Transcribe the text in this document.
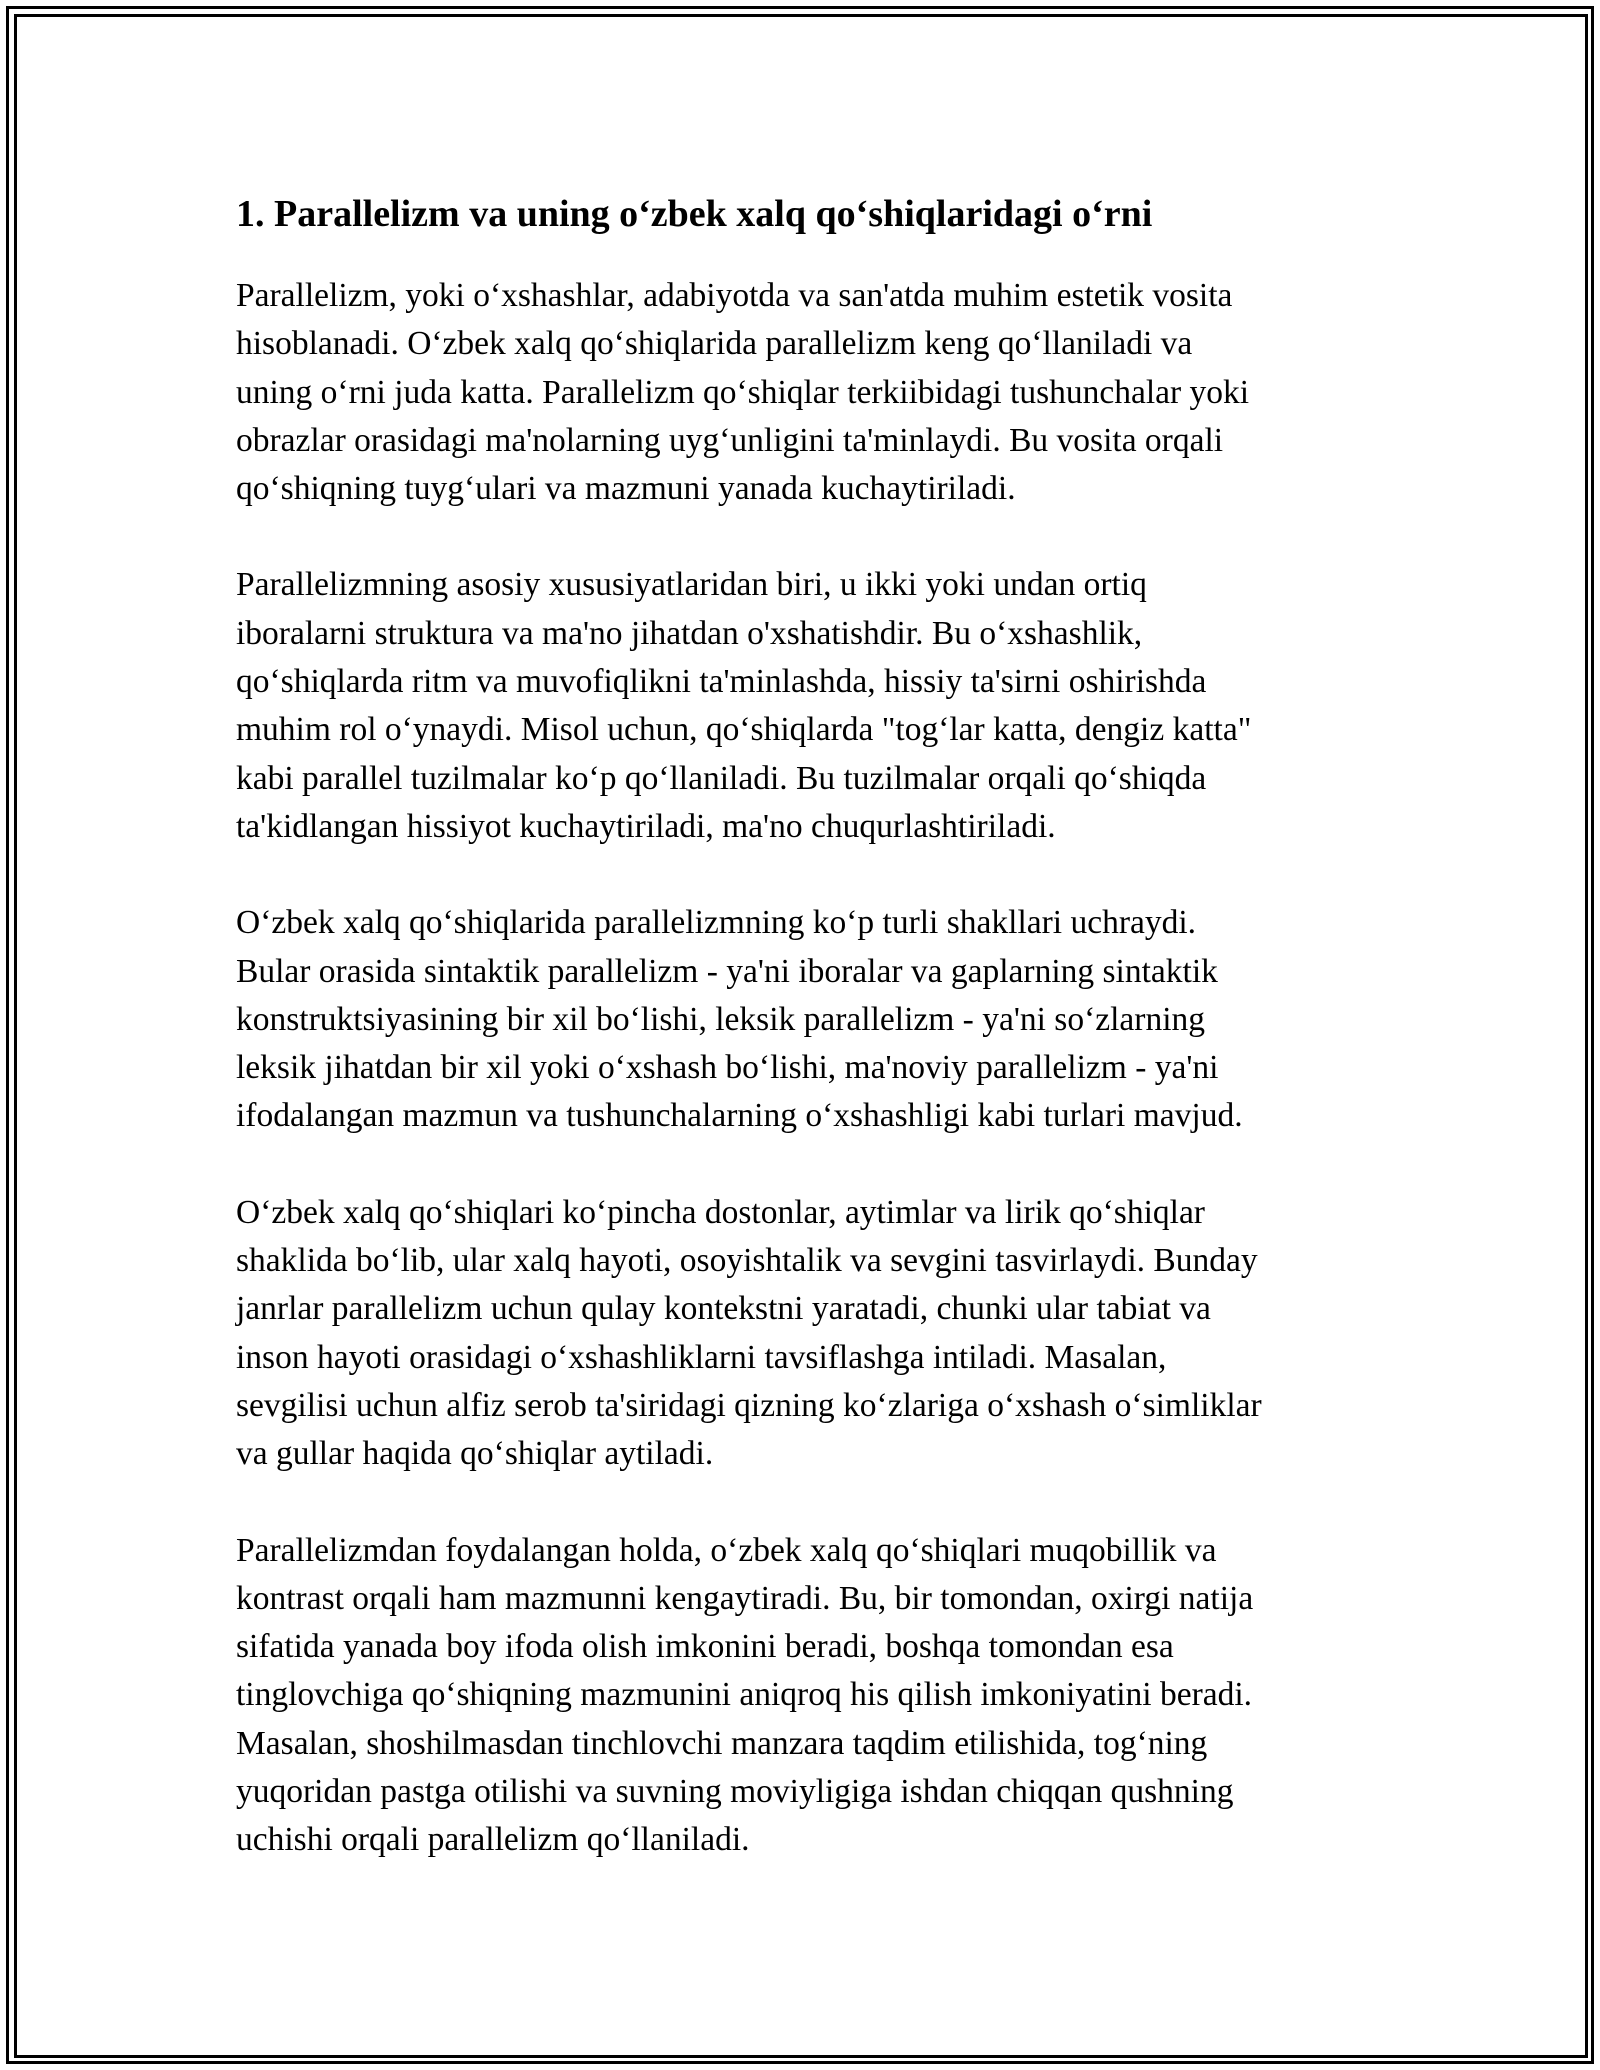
1. Parallelizm va uning o‘zbek xalq qo‘shiqlaridagi o‘rni

Parallelizm, yoki o‘xshashlar, adabiyotda va san'atda muhim estetik vosita
hisoblanadi. O‘zbek xalq qo‘shiqlarida parallelizm keng qo‘llaniladi va
uning o‘rni juda katta. Parallelizm qo‘shiqlar terkiibidagi tushunchalar yoki
obrazlar orasidagi ma'nolarning uyg‘unligini ta'minlaydi. Bu vosita orqali
qo‘shiqning tuyg‘ulari va mazmuni yanada kuchaytiriladi.

Parallelizmning asosiy xususiyatlaridan biri, u ikki yoki undan ortiq
iboralarni struktura va ma'no jihatdan o'xshatishdir. Bu o‘xshashlik,
qo‘shiqlarda ritm va muvofiqlikni ta'minlashda, hissiy ta'sirni oshirishda
muhim rol o‘ynaydi. Misol uchun, qo‘shiqlarda "tog‘lar katta, dengiz katta"
kabi parallel tuzilmalar ko‘p qo‘llaniladi. Bu tuzilmalar orqali qo‘shiqda
ta'kidlangan hissiyot kuchaytiriladi, ma'no chuqurlashtiriladi.

O‘zbek xalq qo‘shiqlarida parallelizmning ko‘p turli shakllari uchraydi.
Bular orasida sintaktik parallelizm - ya'ni iboralar va gaplarning sintaktik
konstruktsiyasining bir xil bo‘lishi, leksik parallelizm - ya'ni so‘zlarning
leksik jihatdan bir xil yoki o‘xshash bo‘lishi, ma'noviy parallelizm - ya'ni
ifodalangan mazmun va tushunchalarning o‘xshashligi kabi turlari mavjud.

O‘zbek xalq qo‘shiqlari ko‘pincha dostonlar, aytimlar va lirik qo‘shiqlar
shaklida bo‘lib, ular xalq hayoti, osoyishtalik va sevgini tasvirlaydi. Bunday
janrlar parallelizm uchun qulay kontekstni yaratadi, chunki ular tabiat va
inson hayoti orasidagi o‘xshashliklarni tavsiflashga intiladi. Masalan,
sevgilisi uchun alfiz serob ta'siridagi qizning ko‘zlariga o‘xshash o‘simliklar
va gullar haqida qo‘shiqlar aytiladi.

Parallelizmdan foydalangan holda, o‘zbek xalq qo‘shiqlari muqobillik va
kontrast orqali ham mazmunni kengaytiradi. Bu, bir tomondan, oxirgi natija
sifatida yanada boy ifoda olish imkonini beradi, boshqa tomondan esa
tinglovchiga qo‘shiqning mazmunini aniqroq his qilish imkoniyatini beradi.
Masalan, shoshilmasdan tinchlovchi manzara taqdim etilishida, tog‘ning
yuqoridan pastga otilishi va suvning moviyligiga ishdan chiqqan qushning
uchishi orqali parallelizm qo‘llaniladi.
